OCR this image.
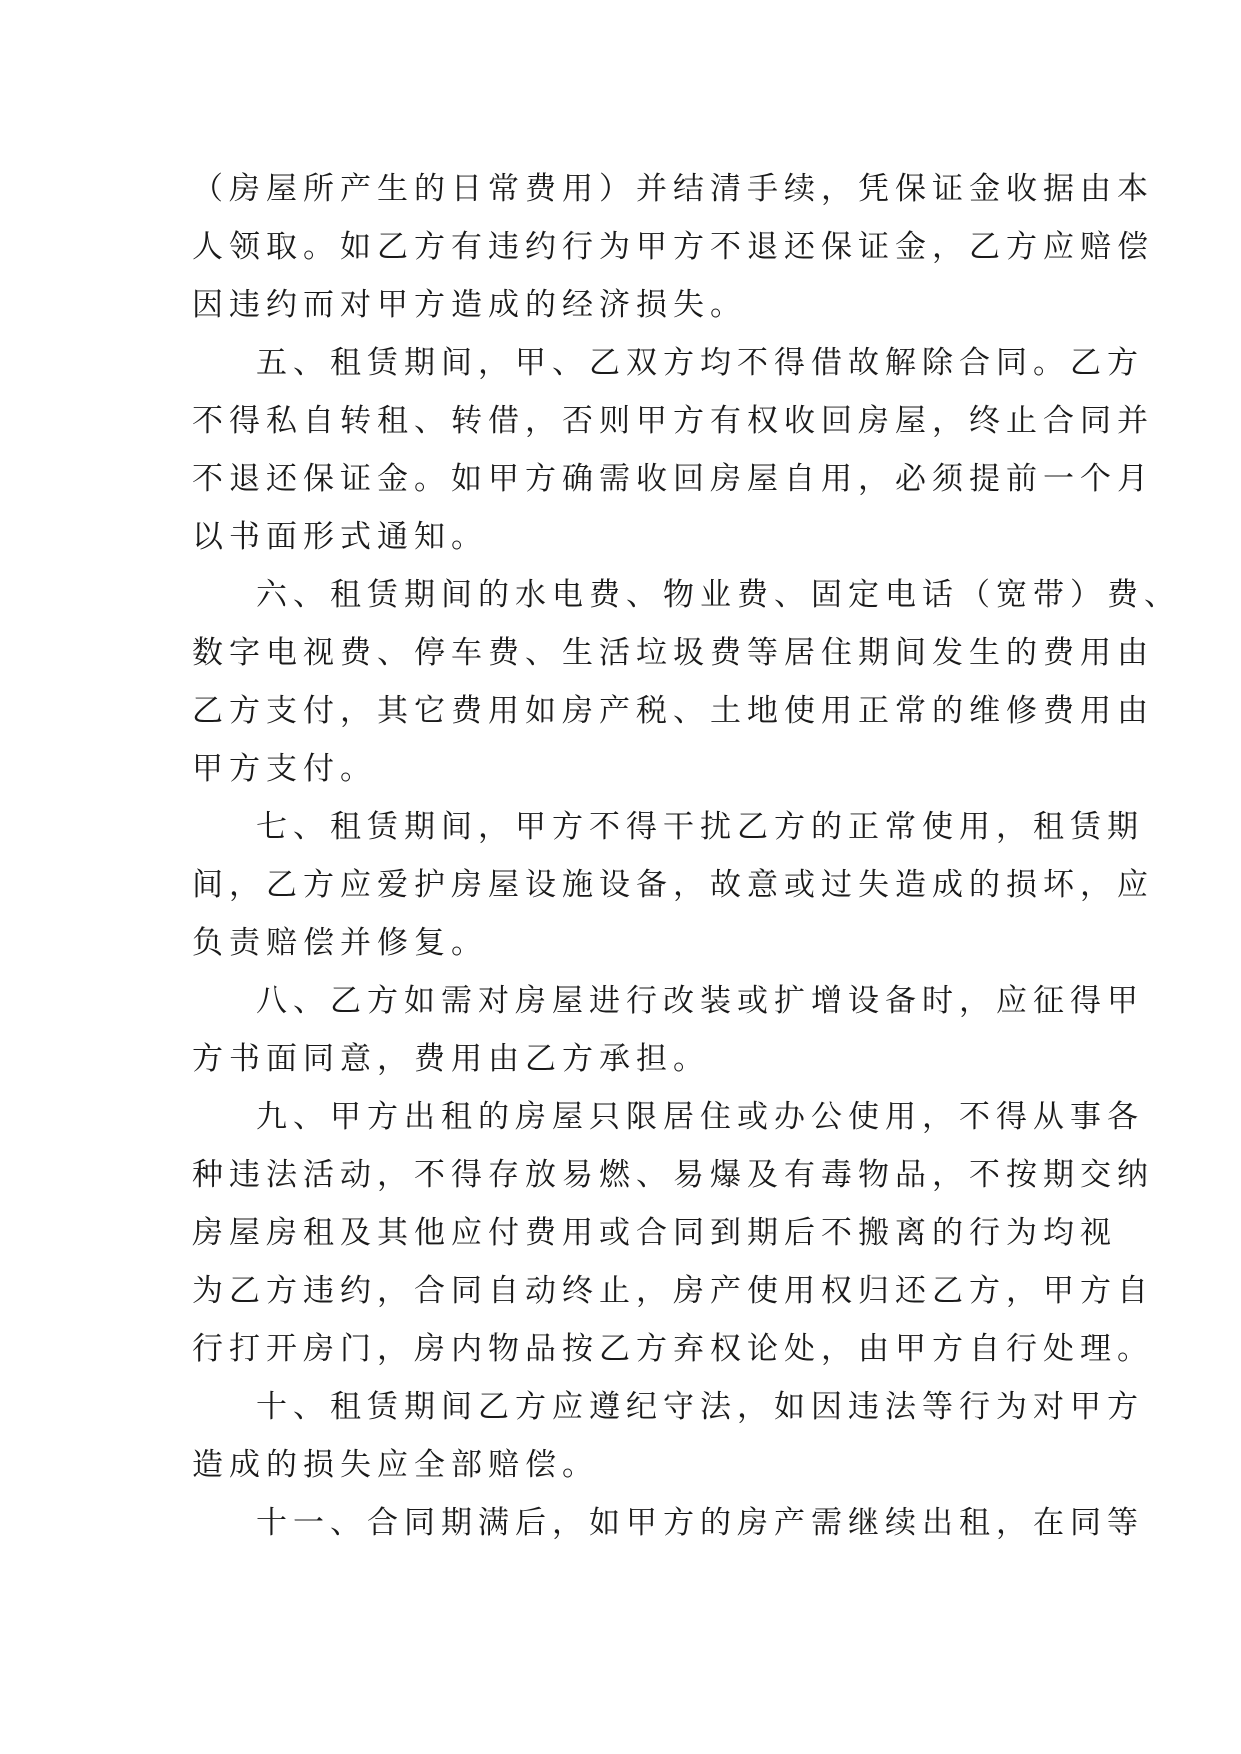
（房屋所产生的日常费用）并结清手续，凭保证金收据由本
人领取。如乙方有违约行为甲方不退还保证金，乙方应赔偿
因违约而对甲方造成的经济损失。
五、租赁期间，甲、乙双方均不得借故解除合同。乙方
不得私自转租、转借，否则甲方有权收回房屋，终止合同并
不退还保证金。如甲方确需收回房屋自用，必须提前一个月
以书面形式通知。
六、租赁期间的水电费、物业费、固定电话（宽带）费、
数字电视费、停车费、生活垃圾费等居住期间发生的费用由
乙方支付，其它费用如房产税、土地使用正常的维修费用由
甲方支付。
七、租赁期间，甲方不得干扰乙方的正常使用，租赁期
间，乙方应爱护房屋设施设备，故意或过失造成的损坏，应
负责赔偿并修复。
八、乙方如需对房屋进行改装或扩增设备时，应征得甲
方书面同意，费用由乙方承担。
九、甲方出租的房屋只限居住或办公使用，不得从事各
种违法活动，不得存放易燃、易爆及有毒物品，不按期交纳
房屋房租及其他应付费用或合同到期后不搬离的行为均视
为乙方违约，合同自动终止，房产使用权归还乙方，甲方自
行打开房门，房内物品按乙方弃权论处，由甲方自行处理。
十、租赁期间乙方应遵纪守法，如因违法等行为对甲方
造成的损失应全部赔偿。
十一、合同期满后，如甲方的房产需继续出租，在同等
